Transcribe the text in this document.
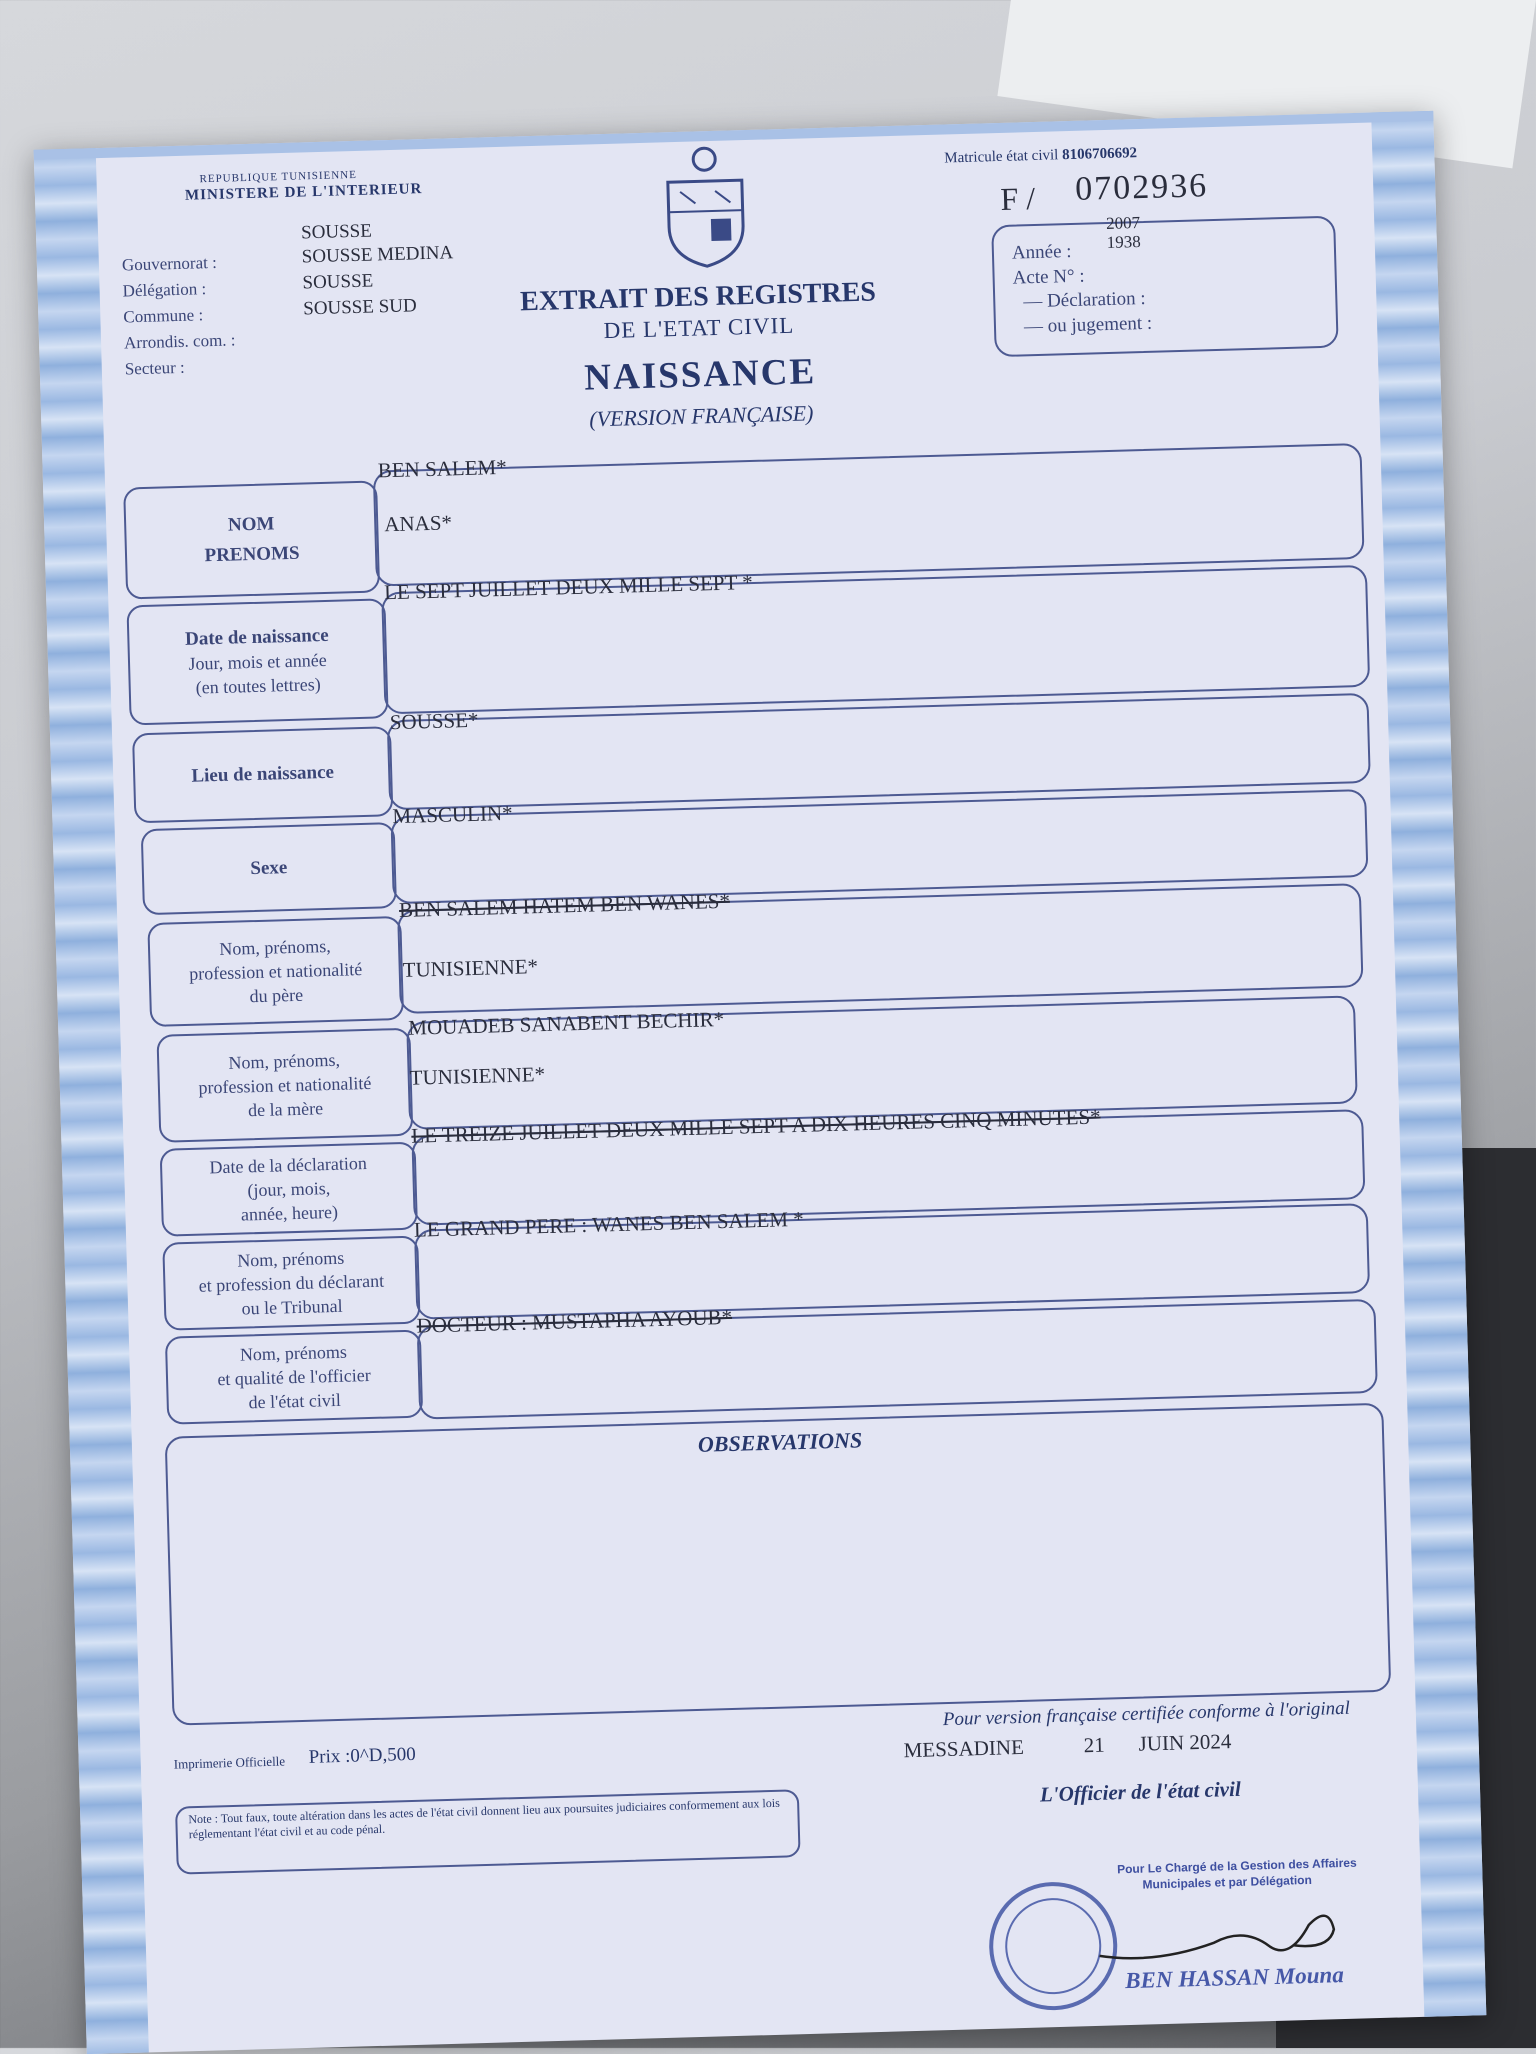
REPUBLIQUE TUNISIENNE
MINISTERE DE L'INTERIEUR
Gouvernorat :
Délégation :
Commune :
Arrondis. com. :
Secteur :
SOUSSE
SOUSSE MEDINA
SOUSSE
SOUSSE SUD	EXTRAIT DES REGISTRES
DE L'ETAT CIVIL
NAISSANCE
(VERSION FRANÇAISE)
Matricule état civil 8106706692
F / 0702936
Année :
2007
Acte N° :
1938
— Déclaration :
— ou jugement :
NOM
PRENOMS
BEN SALEM*
ANAS*
Date de naissance
Jour, mois et année
(en toutes lettres)
LE SEPT JUILLET DEUX MILLE SEPT *
Lieu de naissance
SOUSSE*
Sexe
MASCULIN*
Nom, prénoms,
profession et nationalité
du père
BEN SALEM HATEM BEN WANES*
TUNISIENNE*
Nom, prénoms,
profession et nationalité
de la mère
MOUADEB SANABENT BECHIR*
TUNISIENNE*
Date de la déclaration
(jour, mois,
année, heure)
LE TREIZE JUILLET DEUX MILLE SEPT A DIX HEURES CINQ MINUTES*
Nom, prénoms
et profession du déclarant
ou le Tribunal
LE GRAND PERE : WANES BEN SALEM *
Nom, prénoms
et qualité de l'officier
de l'état civil
DOCTEUR : MUSTAPHA AYOUB*
OBSERVATIONS
Imprimerie Officielle Prix :0^D,500
Pour version française certifiée conforme à l'original
MESSADINE	21 JUIN 2024
L'Officier de l'état civil
Note : Tout faux, toute altération dans les actes de l'état civil donnent lieu aux poursuites judiciaires conformement aux lois réglementant l'état civil et au code pénal.
Pour Le Chargé de la Gestion des Affaires
Municipales et par Délégation
BEN HASSAN Mouna
